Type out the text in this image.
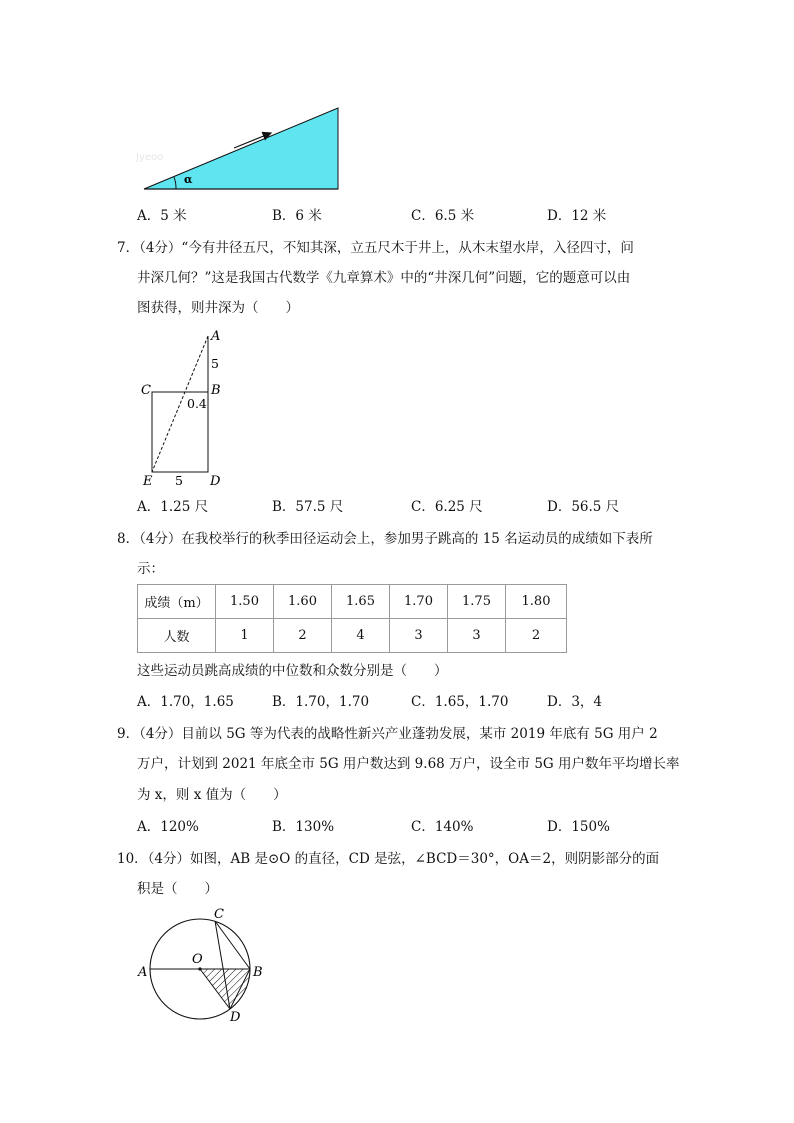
α
Jyeoo
A．5 米	B．6 米	C．6.5 米	D．12 米
7．（4分）“今有井径五尺，不知其深，立五尺木于井上，从木末望水岸，入径四寸，问
井深几何？”这是我国古代数学《九章算术》中的“井深几何”问题，它的题意可以由
图获得，则井深为（　　）
A
5
C	B
0.4
E 5 D
A．1.25 尺	B．57.5 尺	C．6.25 尺	D．56.5 尺
8．（4分）在我校举行的秋季田径运动会上，参加男子跳高的 15 名运动员的成绩如下表所
示：
成绩（m）	1.50	1.60	1.65	1.70	1.75	1.80
人数	1	2	4	3	3	2
这些运动员跳高成绩的中位数和众数分别是（　　）
A．1.70，1.65	B．1.70，1.70	C．1.65，1.70	D．3，4
9．（4分）目前以 5G 等为代表的战略性新兴产业蓬勃发展，某市 2019 年底有 5G 用户 2
万户，计划到 2021 年底全市 5G 用户数达到 9.68 万户，设全市 5G 用户数年平均增长率
为 x，则 x 值为（　　）
A．120%	B．130%	C．140%	D．150%
10．（4分）如图，AB 是⊙O 的直径，CD 是弦，∠BCD＝30°，OA＝2，则阴影部分的面
积是（　　）
A
O
C
B
D
